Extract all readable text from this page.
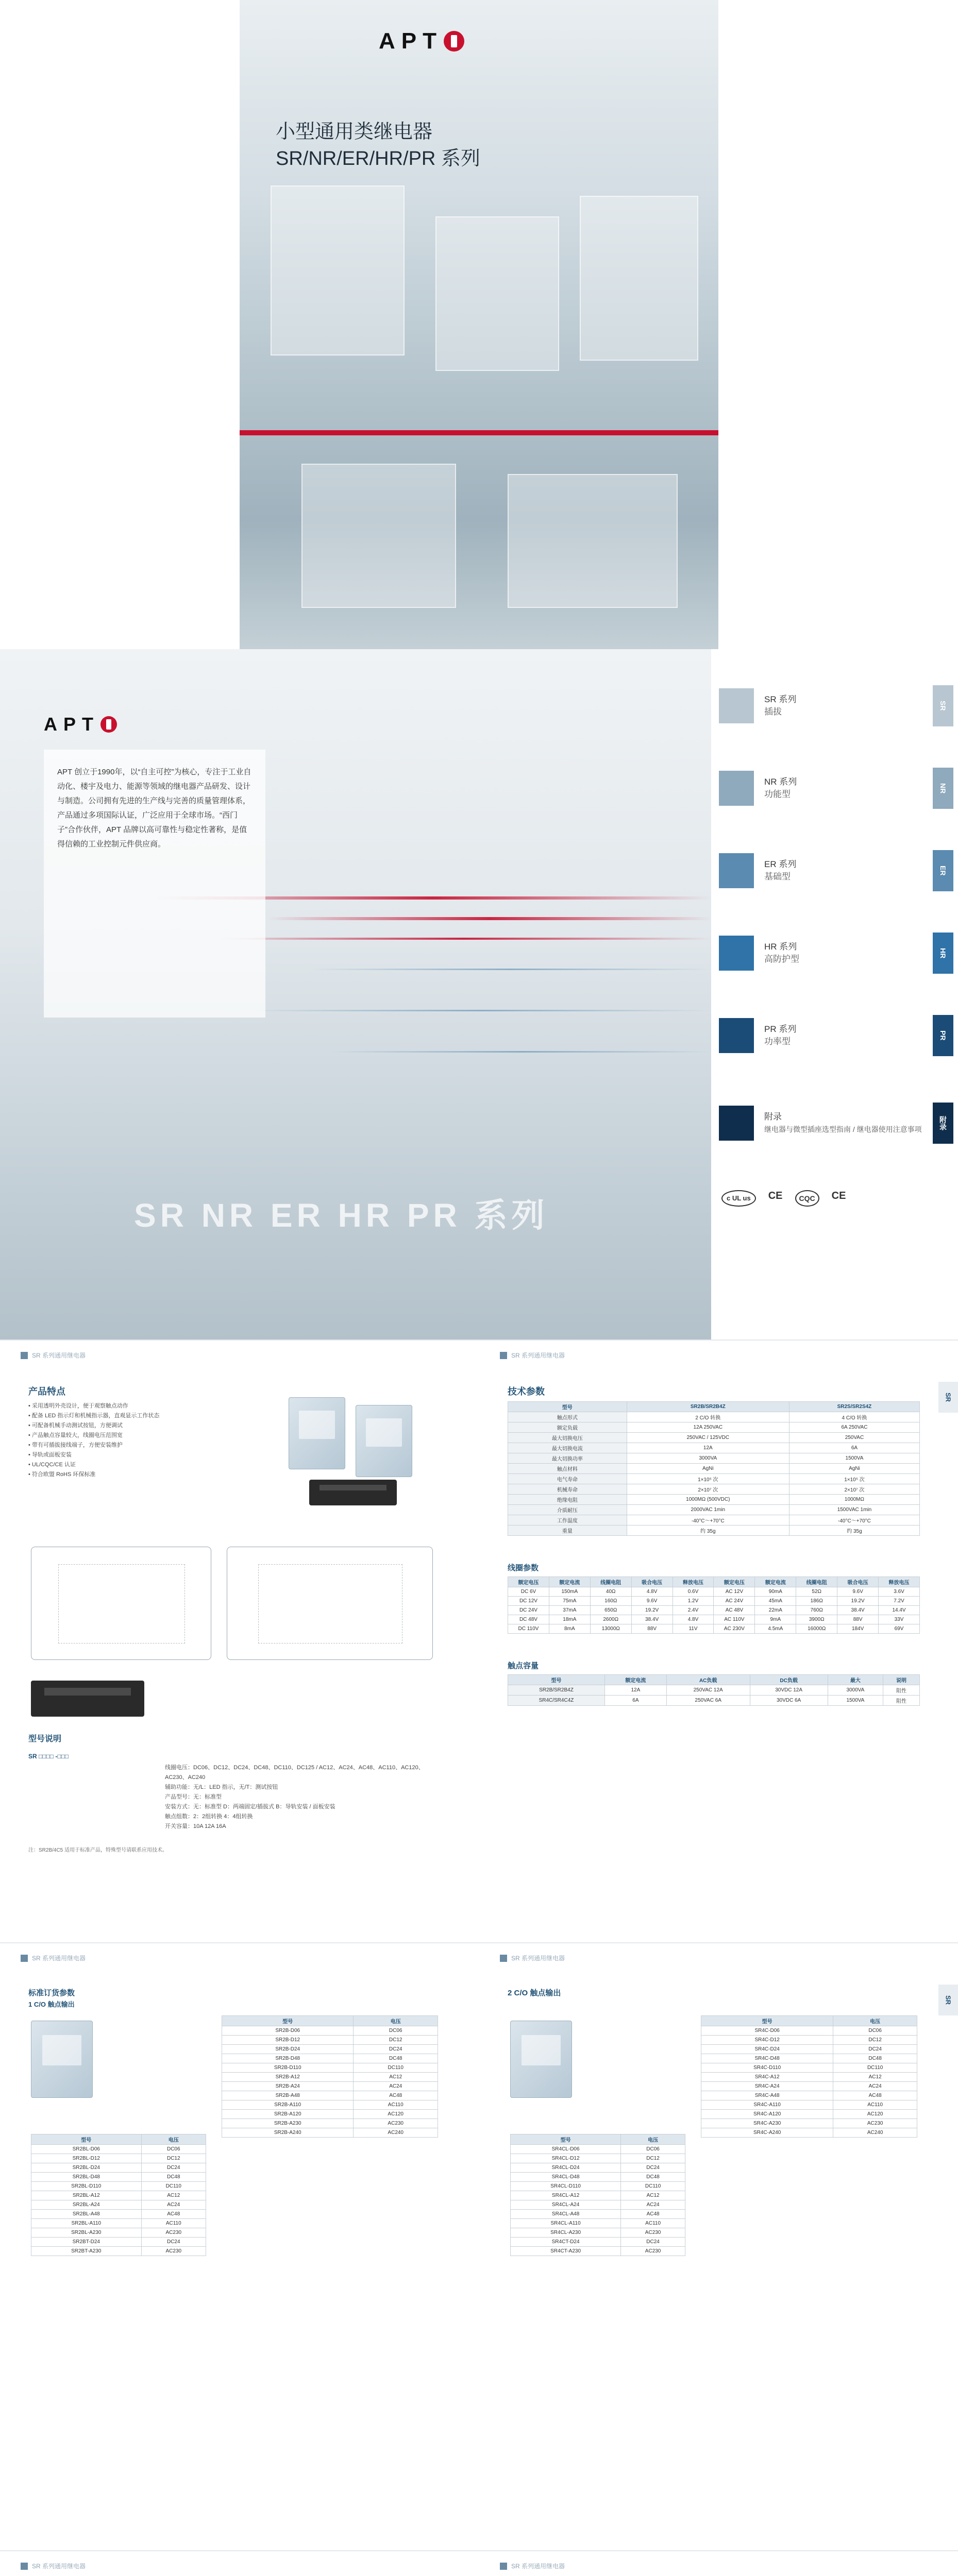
APT
小型通用类继电器
SR/NR/ER/HR/PR 系列
APT

APT 创立于1990年，以“自主可控”为核心，专注于工业自动化、楼宇及电力、能源等领域的继电器产品研发、设计与制造。公司拥有先进的生产线与完善的质量管理体系，产品通过多项国际认证，广泛应用于全球市场。“西门子”合作伙伴，APT 品牌以高可靠性与稳定性著称，是值得信赖的工业控制元件供应商。

SR NR ER HR PR 系列
SR 系列
插拔
SR
NR 系列
功能型
NR
ER 系列
基础型
ER
HR 系列
高防护型
HR
PR 系列
功率型
PR
附录
继电器与微型插座选型指南 / 继电器使用注意事项	附录
c UL us	CE	CQC	CE
SR 系列通用继电器
产品特点
• 采用透明外壳设计，便于观察触点动作
• 配备 LED 指示灯和机械指示器，直观显示工作状态
• 可配备机械手动测试按钮，方便调试
• 产品触点容量较大，线圈电压范围宽
• 带有可插拔接线端子，方便安装维护
• 导轨或面板安装
• UL/CQC/CE 认证
• 符合欧盟 RoHS 环保标准
型号说明
SR □□□□ -□□□
线圈电压：DC06、DC12、DC24、DC48、DC110、DC125 / AC12、AC24、AC48、AC110、AC120、AC230、AC240
辅助功能：无/L：LED 指示，无/T：测试按钮
产品型号：无：标准型
安装方式：无：标准型 D：两端固定/插拔式 B：导轨安装 / 面板安装
触点组数：2：2组转换 4：4组转换
开关容量：10A 12A 16A
注：SR2B/4C5 适用于标准产品，特殊型号请联系应用技术。
SR 系列通用继电器
SR
技术参数
型号	SR2B/SR2B4Z	SR2S/SR2S4Z
触点形式	2 C/O 转换	4 C/O 转换
额定负载	12A 250VAC	6A 250VAC
最大切换电压	250VAC / 125VDC	250VAC
最大切换电流	12A	6A
最大切换功率	3000VA	1500VA
触点材料	AgNi	AgNi
电气寿命	1×10⁵ 次	1×10⁵ 次
机械寿命	2×10⁷ 次	2×10⁷ 次
绝缘电阻	1000MΩ (500VDC)	1000MΩ
介质耐压	2000VAC 1min	1500VAC 1min
工作温度	-40°C～+70°C	-40°C～+70°C
重量	约 35g	约 35g
线圈参数
额定电压	额定电流	线圈电阻	吸合电压	释放电压	额定电压	额定电流	线圈电阻	吸合电压	释放电压
DC 6V	150mA	40Ω	4.8V	0.6V	AC 12V	90mA	52Ω	9.6V	3.6V
DC 12V	75mA	160Ω	9.6V	1.2V	AC 24V	45mA	186Ω	19.2V	7.2V
DC 24V	37mA	650Ω	19.2V	2.4V	AC 48V	22mA	760Ω	38.4V	14.4V
DC 48V	18mA	2600Ω	38.4V	4.8V	AC 110V	9mA	3900Ω	88V	33V
DC 110V	8mA	13000Ω	88V	11V	AC 230V	4.5mA	16000Ω	184V	69V
触点容量
型号	额定电流	AC负载	DC负载	最大	说明
SR2B/SR2B4Z	12A	250VAC 12A	30VDC 12A	3000VA	阻性
SR4C/SR4C4Z	6A	250VAC 6A	30VDC 6A	1500VA	阻性
SR 系列通用继电器
标准订货参数
1 C/O 触点输出
型号	电压
SR2B-D06	DC06
SR2B-D12	DC12
SR2B-D24	DC24
SR2B-D48	DC48
SR2B-D110	DC110
SR2B-A12	AC12
SR2B-A24	AC24
SR2B-A48	AC48
SR2B-A110	AC110
SR2B-A120	AC120
SR2B-A230	AC230
SR2B-A240	AC240
型号	电压
SR2BL-D06	DC06
SR2BL-D12	DC12
SR2BL-D24	DC24
SR2BL-D48	DC48
SR2BL-D110	DC110
SR2BL-A12	AC12
SR2BL-A24	AC24
SR2BL-A48	AC48
SR2BL-A110	AC110
SR2BL-A230	AC230
SR2BT-D24	DC24
SR2BT-A230	AC230
SR 系列通用继电器
SR
2 C/O 触点输出
型号	电压
SR4C-D06	DC06
SR4C-D12	DC12
SR4C-D24	DC24
SR4C-D48	DC48
SR4C-D110	DC110
SR4C-A12	AC12
SR4C-A24	AC24
SR4C-A48	AC48
SR4C-A110	AC110
SR4C-A120	AC120
SR4C-A230	AC230
SR4C-A240	AC240
型号	电压
SR4CL-D06	DC06
SR4CL-D12	DC12
SR4CL-D24	DC24
SR4CL-D48	DC48
SR4CL-D110	DC110
SR4CL-A12	AC12
SR4CL-A24	AC24
SR4CL-A48	AC48
SR4CL-A110	AC110
SR4CL-A230	AC230
SR4CT-D24	DC24
SR4CT-A230	AC230
SR 系列通用继电器

			SR 系列通用继电器
